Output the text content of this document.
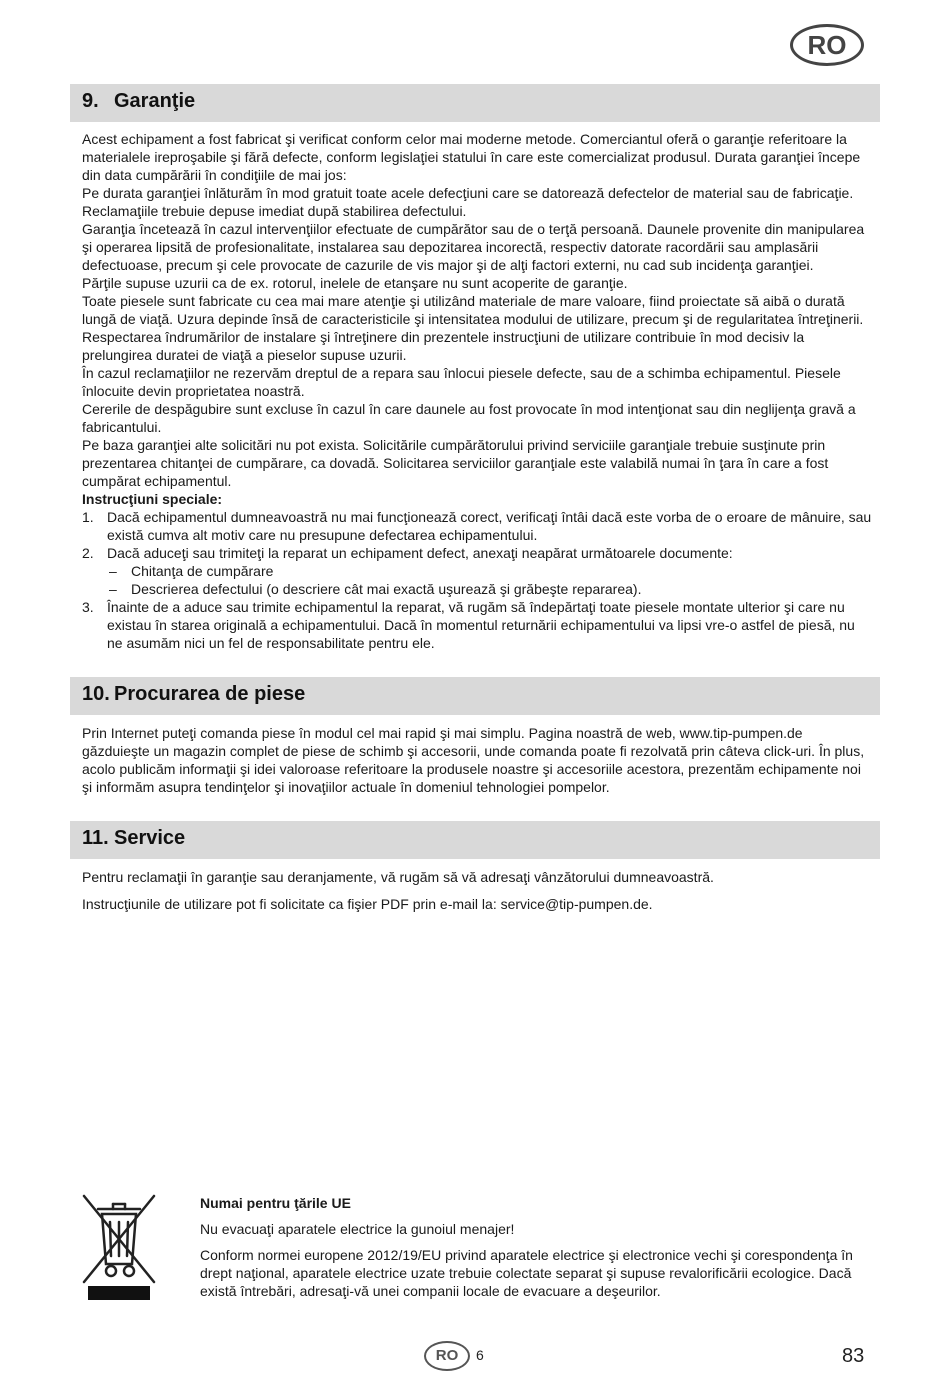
RO
9. Garanţie

Acest echipament a fost fabricat şi verificat conform celor mai moderne metode. Comerciantul oferă o garanţie referitoare la materialele ireproşabile şi fără defecte, conform legislaţiei statului în care este comercializat produsul. Durata garanţiei începe din data cumpărării în condiţiile de mai jos:

Pe durata garanţiei înlăturăm în mod gratuit toate acele defecţiuni care se datorează defectelor de material sau de fabricaţie. Reclamaţiile trebuie depuse imediat după stabilirea defectului.

Garanţia încetează în cazul intervenţiilor efectuate de cumpărător sau de o terţă persoană. Daunele provenite din manipularea şi operarea lipsită de profesionalitate, instalarea sau depozitarea incorectă, respectiv datorate racordării sau amplasării defectuoase, precum şi cele provocate de cazurile de vis major şi de alţi factori externi, nu cad sub incidenţa garanţiei.

Părţile supuse uzurii ca de ex. rotorul, inelele de etanşare nu sunt acoperite de garanţie.

Toate piesele sunt fabricate cu cea mai mare atenţie şi utilizând materiale de mare valoare, fiind proiectate să aibă o durată lungă de viaţă. Uzura depinde însă de caracteristicile şi intensitatea modului de utilizare, precum şi de regularitatea întreţinerii. Respectarea îndrumărilor de instalare şi întreţinere din prezentele instrucţiuni de utilizare contribuie în mod decisiv la prelungirea duratei de viaţă a pieselor supuse uzurii.

În cazul reclamaţiilor ne rezervăm dreptul de a repara sau înlocui piesele defecte, sau de a schimba echipamentul. Piesele înlocuite devin proprietatea noastră.

Cererile de despăgubire sunt excluse în cazul în care daunele au fost provocate în mod intenţionat sau din neglijenţa gravă a fabricantului.

Pe baza garanţiei alte solicitări nu pot exista. Solicitările cumpărătorului privind serviciile garanţiale trebuie susţinute prin prezentarea chitanţei de cumpărare, ca dovadă. Solicitarea serviciilor garanţiale este valabilă numai în ţara în care a fost cumpărat echipamentul.

Instrucţiuni speciale:

1. Dacă echipamentul dumneavoastră nu mai funcţionează corect, verificaţi întâi dacă este vorba de o eroare de mânuire, sau există cumva alt motiv care nu presupune defectarea echipamentului.
2. Dacă aduceţi sau trimiteţi la reparat un echipament defect, anexaţi neapărat următoarele documente:
– Chitanţa de cumpărare
– Descrierea defectului (o descriere cât mai exactă uşurează şi grăbeşte repararea).
3. Înainte de a aduce sau trimite echipamentul la reparat, vă rugăm să îndepărtaţi toate piesele montate ulterior şi care nu existau în starea originală a echipamentului. Dacă în momentul returnării echipamentului va lipsi vre-o astfel de piesă, nu ne asumăm nici un fel de responsabilitate pentru ele.
10. Procurarea de piese

Prin Internet puteţi comanda piese în modul cel mai rapid şi mai simplu. Pagina noastră de web, www.tip-pumpen.de găzduieşte un magazin complet de piese de schimb şi accesorii, unde comanda poate fi rezolvată prin câteva click-uri. În plus, acolo publicăm informaţii şi idei valoroase referitoare la produsele noastre şi accesoriile acestora, prezentăm echipamente noi şi informăm asupra tendinţelor şi inovaţiilor actuale în domeniul tehnologiei pompelor.

11. Service

Pentru reclamaţii în garanţie sau deranjamente, vă rugăm să vă adresaţi vânzătorului dumneavoastră.

Instrucţiunile de utilizare pot fi solicitate ca fişier PDF prin e-mail la: service@tip-pumpen.de.

Numai pentru ţările UE

Nu evacuaţi aparatele electrice la gunoiul menajer!

Conform normei europene 2012/19/EU privind aparatele electrice şi electronice vechi şi corespondenţa în drept naţional, aparatele electrice uzate trebuie colectate separat şi supuse revalorificării ecologice. Dacă există întrebări, adresaţi-vă unei companii locale de evacuare a deşeurilor.

RO	6	83
